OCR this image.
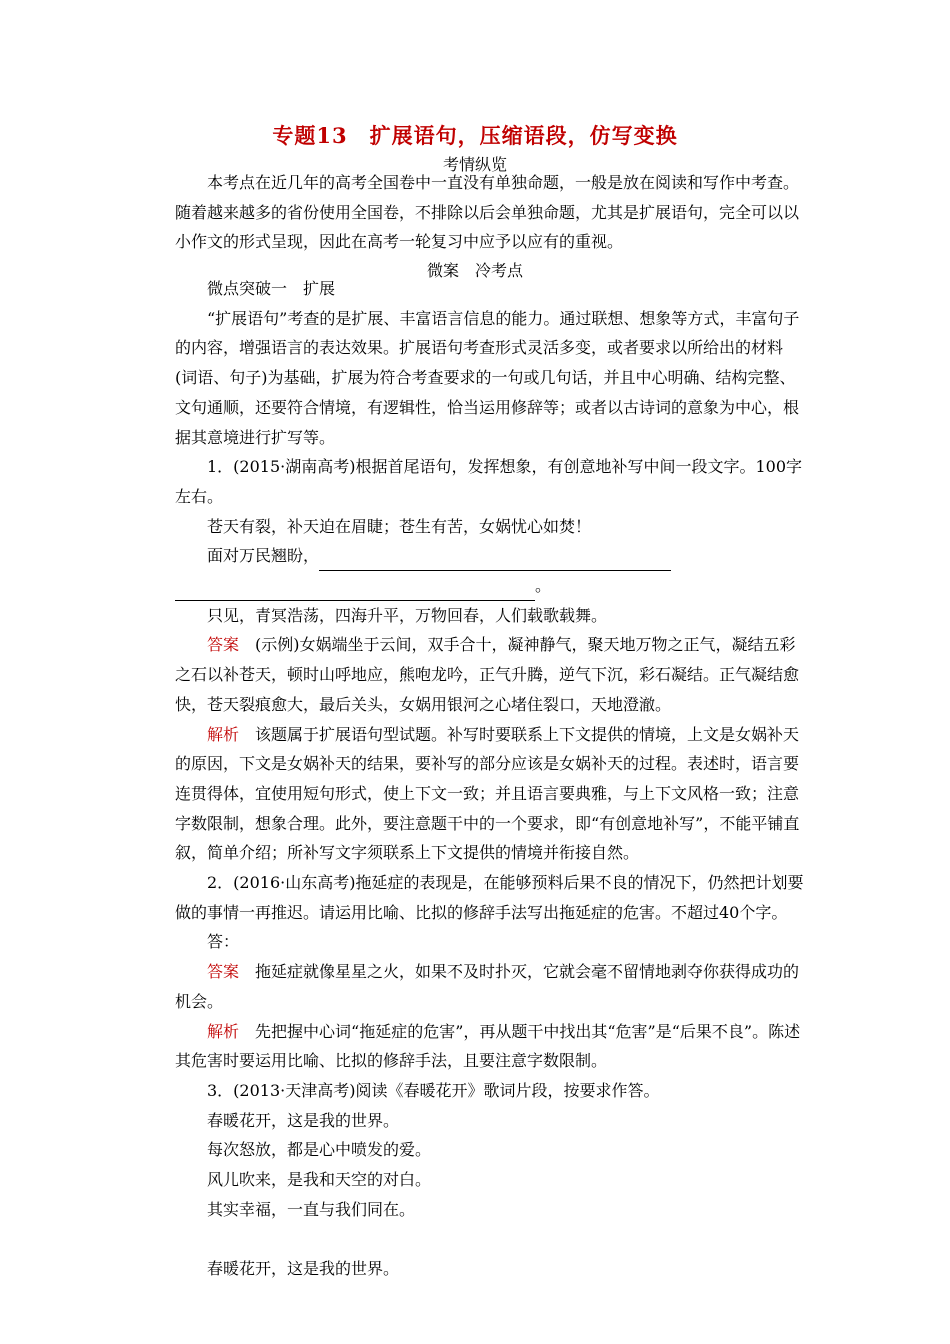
专题13　扩展语句，压缩语段，仿写变换
考情纵览

本考点在近几年的高考全国卷中一直没有单独命题，一般是放在阅读和写作中考查。随着越来越多的省份使用全国卷，不排除以后会单独命题，尤其是扩展语句，完全可以以小作文的形式呈现，因此在高考一轮复习中应予以应有的重视。

微案　冷考点

微点突破一　扩展

“扩展语句”考查的是扩展、丰富语言信息的能力。通过联想、想象等方式，丰富句子的内容，增强语言的表达效果。扩展语句考查形式灵活多变，或者要求以所给出的材料(词语、句子)为基础，扩展为符合考查要求的一句或几句话，并且中心明确、结构完整、文句通顺，还要符合情境，有逻辑性，恰当运用修辞等；或者以古诗词的意象为中心，根据其意境进行扩写等。

1．(2015·湖南高考)根据首尾语句，发挥想象，有创意地补写中间一段文字。100字左右。

苍天有裂，补天迫在眉睫；苍生有苦，女娲忧心如焚！

面对万民翘盼，

。

只见，青冥浩荡，四海升平，万物回春，人们载歌载舞。

答案　(示例)女娲端坐于云间，双手合十，凝神静气，聚天地万物之正气，凝结五彩之石以补苍天，顿时山呼地应，熊咆龙吟，正气升腾，逆气下沉，彩石凝结。正气凝结愈快，苍天裂痕愈大，最后关头，女娲用银河之心堵住裂口，天地澄澈。

解析　该题属于扩展语句型试题。补写时要联系上下文提供的情境，上文是女娲补天的原因，下文是女娲补天的结果，要补写的部分应该是女娲补天的过程。表述时，语言要连贯得体，宜使用短句形式，使上下文一致；并且语言要典雅，与上下文风格一致；注意字数限制，想象合理。此外，要注意题干中的一个要求，即“有创意地补写”，不能平铺直叙，简单介绍；所补写文字须联系上下文提供的情境并衔接自然。

2．(2016·山东高考)拖延症的表现是，在能够预料后果不良的情况下，仍然把计划要做的事情一再推迟。请运用比喻、比拟的修辞手法写出拖延症的危害。不超过40个字。

答：

答案　拖延症就像星星之火，如果不及时扑灭，它就会毫不留情地剥夺你获得成功的机会。

解析　先把握中心词“拖延症的危害”，再从题干中找出其“危害”是“后果不良”。陈述其危害时要运用比喻、比拟的修辞手法，且要注意字数限制。

3．(2013·天津高考)阅读《春暖花开》歌词片段，按要求作答。

春暖花开，这是我的世界。

每次怒放，都是心中喷发的爱。

风儿吹来，是我和天空的对白。

其实幸福，一直与我们同在。

春暖花开，这是我的世界。
